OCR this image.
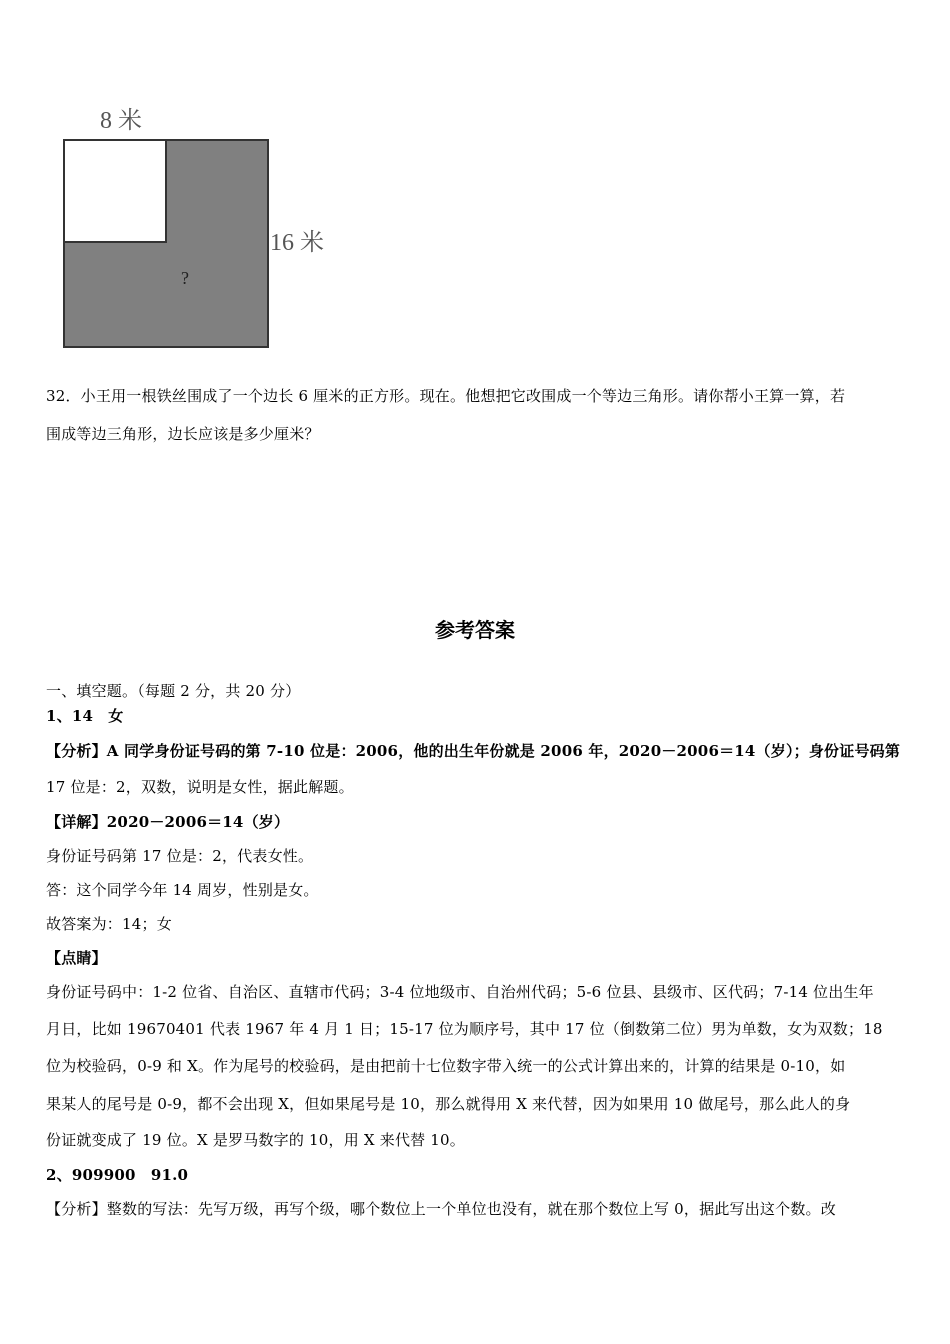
8 米
16 米
?
32．小王用一根铁丝围成了一个边长 6 厘米的正方形。现在。他想把它改围成一个等边三角形。请你帮小王算一算，若
围成等边三角形，边长应该是多少厘米？
参考答案
一、填空题。（每题 2 分，共 20 分）
1、14　女
【分析】A 同学身份证号码的第 7-10 位是：2006，他的出生年份就是 2006 年，2020－2006＝14（岁）；身份证号码第
17 位是：2，双数，说明是女性，据此解题。
【详解】2020－2006＝14（岁）
身份证号码第 17 位是：2，代表女性。
答：这个同学今年 14 周岁，性别是女。
故答案为：14；女
【点睛】
身份证号码中：1-2 位省、自治区、直辖市代码；3-4 位地级市、自治州代码；5-6 位县、县级市、区代码；7-14 位出生年
月日，比如 19670401 代表 1967 年 4 月 1 日；15-17 位为顺序号，其中 17 位（倒数第二位）男为单数，女为双数；18
位为校验码，0-9 和 X。作为尾号的校验码，是由把前十七位数字带入统一的公式计算出来的，计算的结果是 0-10，如
果某人的尾号是 0-9，都不会出现 X，但如果尾号是 10，那么就得用 X 来代替，因为如果用 10 做尾号，那么此人的身
份证就变成了 19 位。X 是罗马数字的 10，用 X 来代替 10。
2、909900　91.0
【分析】整数的写法：先写万级，再写个级，哪个数位上一个单位也没有，就在那个数位上写 0，据此写出这个数。改
